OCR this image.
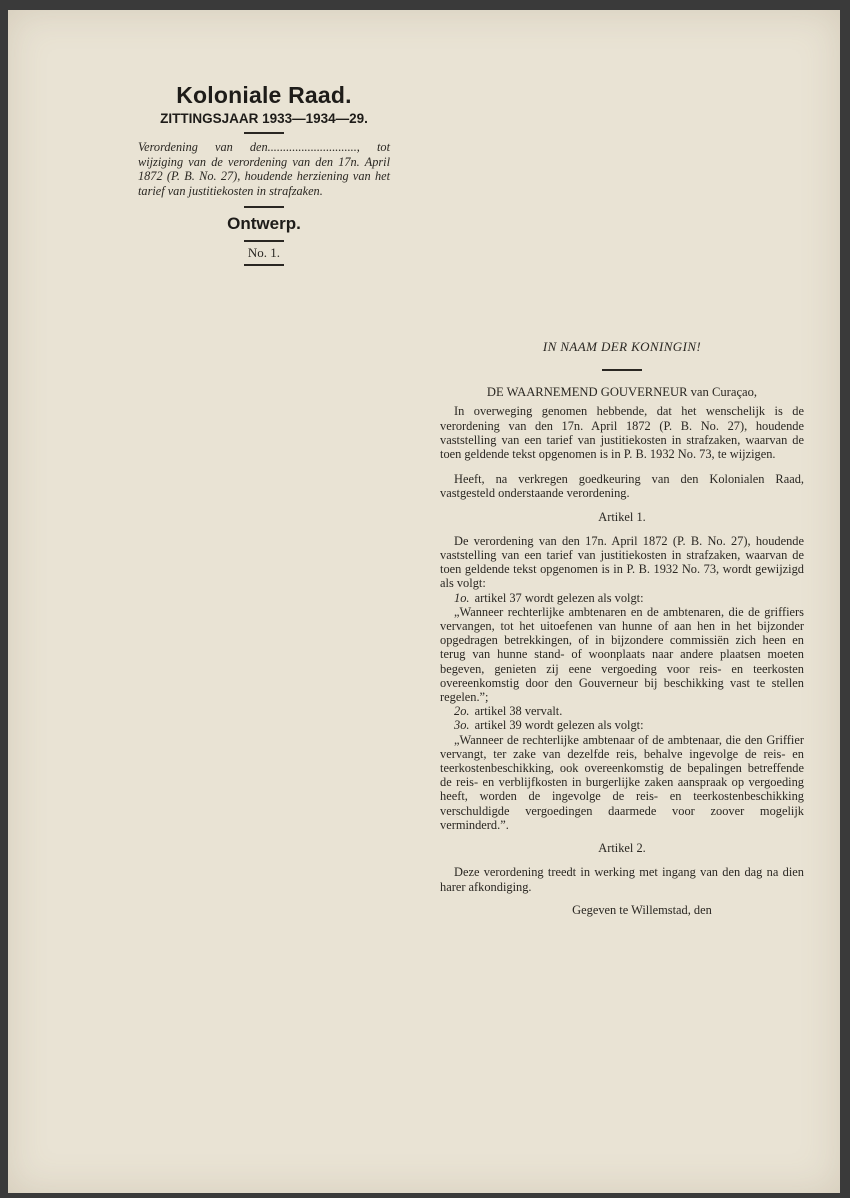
Koloniale Raad.
ZITTINGSJAAR 1933—1934—29.
Verordening van den............................., tot wijziging van de verordening van den 17n. April 1872 (P. B. No. 27), houdende herziening van het tarief van justitiekosten in strafzaken.
Ontwerp.
No. 1.
IN NAAM DER KONINGIN!
DE WAARNEMEND GOUVERNEUR van Curaçao,

In overweging genomen hebbende, dat het wenschelijk is de verordening van den 17n. April 1872 (P. B. No. 27), houdende vaststelling van een tarief van justitiekosten in strafzaken, waarvan de toen geldende tekst opgenomen is in P. B. 1932 No. 73, te wijzigen.

Heeft, na verkregen goedkeuring van den Kolonialen Raad, vastgesteld onderstaande verordening.

Artikel 1.

De verordening van den 17n. April 1872 (P. B. No. 27), houdende vaststelling van een tarief van justitiekosten in strafzaken, waarvan de toen geldende tekst opgenomen is in P. B. 1932 No. 73, wordt gewijzigd als volgt:

1o. artikel 37 wordt gelezen als volgt:

„Wanneer rechterlijke ambtenaren en de ambtenaren, die de griffiers vervangen, tot het uitoefenen van hunne of aan hen in het bijzonder opgedragen betrekkingen, of in bijzondere commissiën zich heen en terug van hunne stand- of woonplaats naar andere plaatsen moeten begeven, genieten zij eene vergoeding voor reis- en teerkosten overeenkomstig door den Gouverneur bij beschikking vast te stellen regelen.”;

2o. artikel 38 vervalt.
3o. artikel 39 wordt gelezen als volgt:

„Wanneer de rechterlijke ambtenaar of de ambtenaar, die den Griffier vervangt, ter zake van dezelfde reis, behalve ingevolge de reis- en teerkostenbeschikking, ook overeenkomstig de bepalingen betreffende de reis- en verblijfkosten in burgerlijke zaken aanspraak op vergoeding heeft, worden de ingevolge de reis- en teerkostenbeschikking verschuldigde vergoedingen daarmede voor zoover mogelijk verminderd.”.

Artikel 2.

Deze verordening treedt in werking met ingang van den dag na dien harer afkondiging.

Gegeven te Willemstad, den
